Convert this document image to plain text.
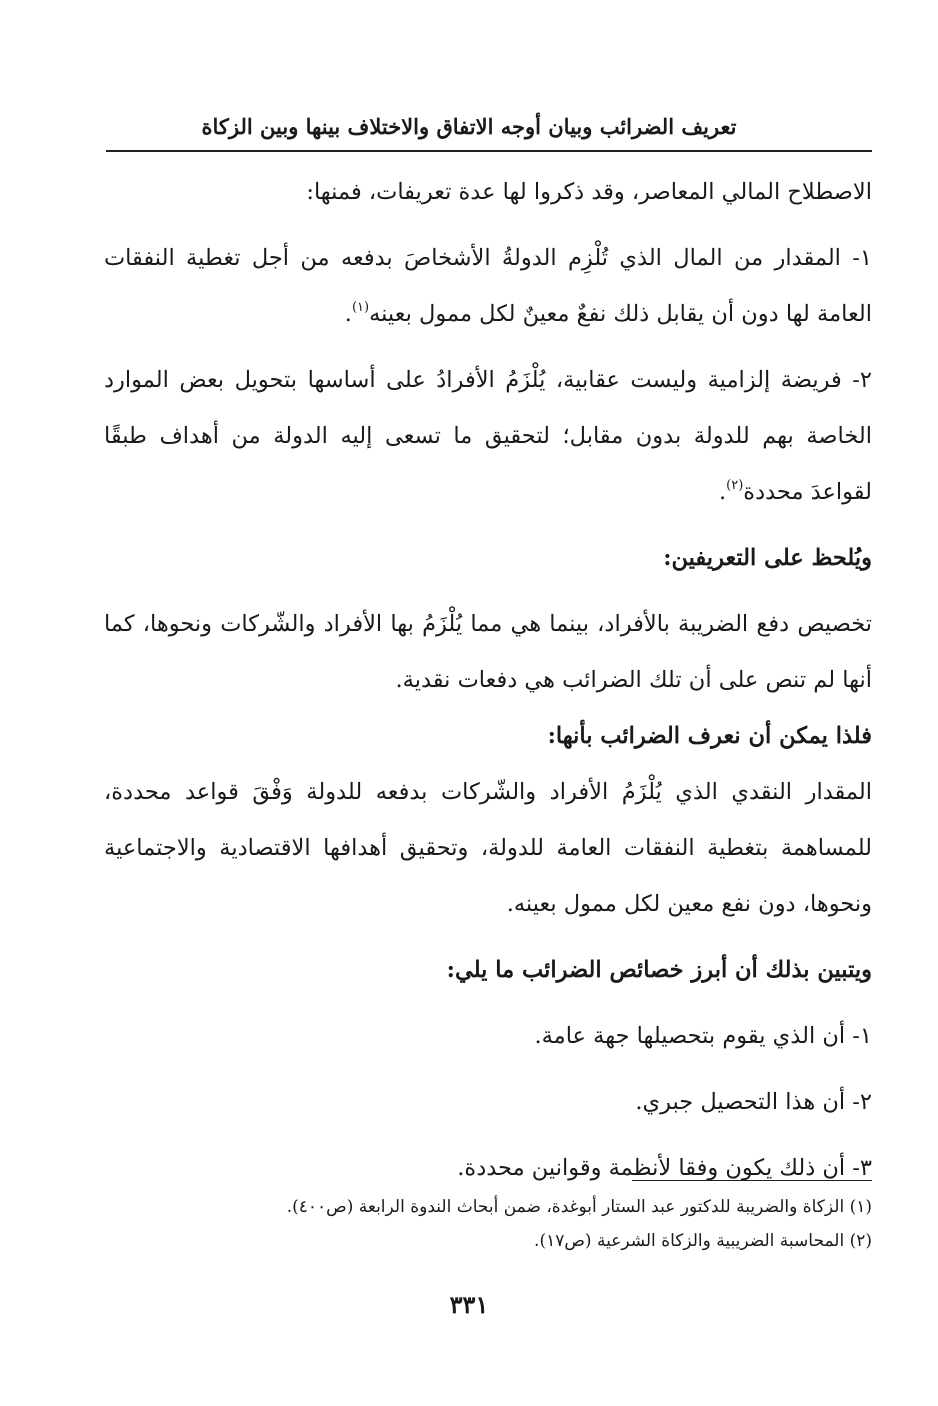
تعريف الضرائب وبيان أوجه الاتفاق والاختلاف بينها وبين الزكاة

الاصطلاح المالي المعاصر، وقد ذكروا لها عدة تعريفات، فمنها:

١- المقدار من المال الذي تُلْزِم الدولةُ الأشخاصَ بدفعه من أجل تغطية النفقات العامة لها دون أن يقابل ذلك نفعٌ معينٌ لكل ممول بعينه$^{(١)}$.

٢- فريضة إلزامية وليست عقابية، يُلْزَمُ الأفرادُ على أساسها بتحويل بعض الموارد الخاصة بهم للدولة بدون مقابل؛ لتحقيق ما تسعى إليه الدولة من أهداف طبقًا لقواعدَ محددة$^{(٢)}$.

ويُلحظ على التعريفين:

تخصيص دفع الضريبة بالأفراد، بينما هي مما يُلْزَمُ بها الأفراد والشّركات ونحوها، كما أنها لم تنص على أن تلك الضرائب هي دفعات نقدية.

فلذا يمكن أن نعرف الضرائب بأنها:

المقدار النقدي الذي يُلْزَمُ الأفراد والشّركات بدفعه للدولة وَفْقَ قواعد محددة، للمساهمة بتغطية النفقات العامة للدولة، وتحقيق أهدافها الاقتصادية والاجتماعية ونحوها، دون نفع معين لكل ممول بعينه.

ويتبين بذلك أن أبرز خصائص الضرائب ما يلي:

١- أن الذي يقوم بتحصيلها جهة عامة.

٢- أن هذا التحصيل جبري.

٣- أن ذلك يكون وفقا لأنظمة وقوانين محددة.

(١) الزكاة والضريبة للدكتور عبد الستار أبوغدة، ضمن أبحاث الندوة الرابعة (ص٤٠٠).

(٢) المحاسبة الضريبية والزكاة الشرعية (ص١٧).

٣٣١
